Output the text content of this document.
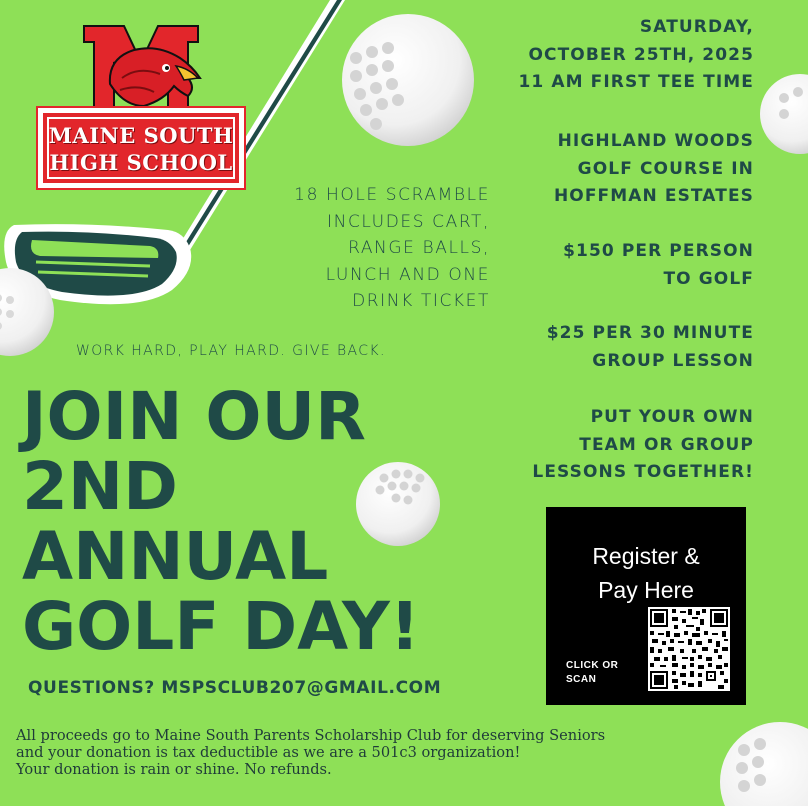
MAINE SOUTH
HIGH SCHOOL
18 HOLE SCRAMBLE
INCLUDES CART,
RANGE BALLS,
LUNCH AND ONE
DRINK TICKET
WORK HARD, PLAY HARD. GIVE BACK.
SATURDAY,
OCTOBER 25TH, 2025
11 AM FIRST TEE TIME
HIGHLAND WOODS
GOLF COURSE IN
HOFFMAN ESTATES
$150 PER PERSON
TO GOLF
$25 PER 30 MINUTE
GROUP LESSON
PUT YOUR OWN
TEAM OR GROUP
LESSONS TOGETHER!
JOIN OUR
2ND
ANNUAL
GOLF DAY!
Register &
Pay Here
CLICK OR
SCAN
QUESTIONS? MSPSCLUB207@GMAIL.COM
All proceeds go to Maine South Parents Scholarship Club for deserving Seniors
and your donation is tax deductible as we are a 501c3 organization!
Your donation is rain or shine. No refunds.
